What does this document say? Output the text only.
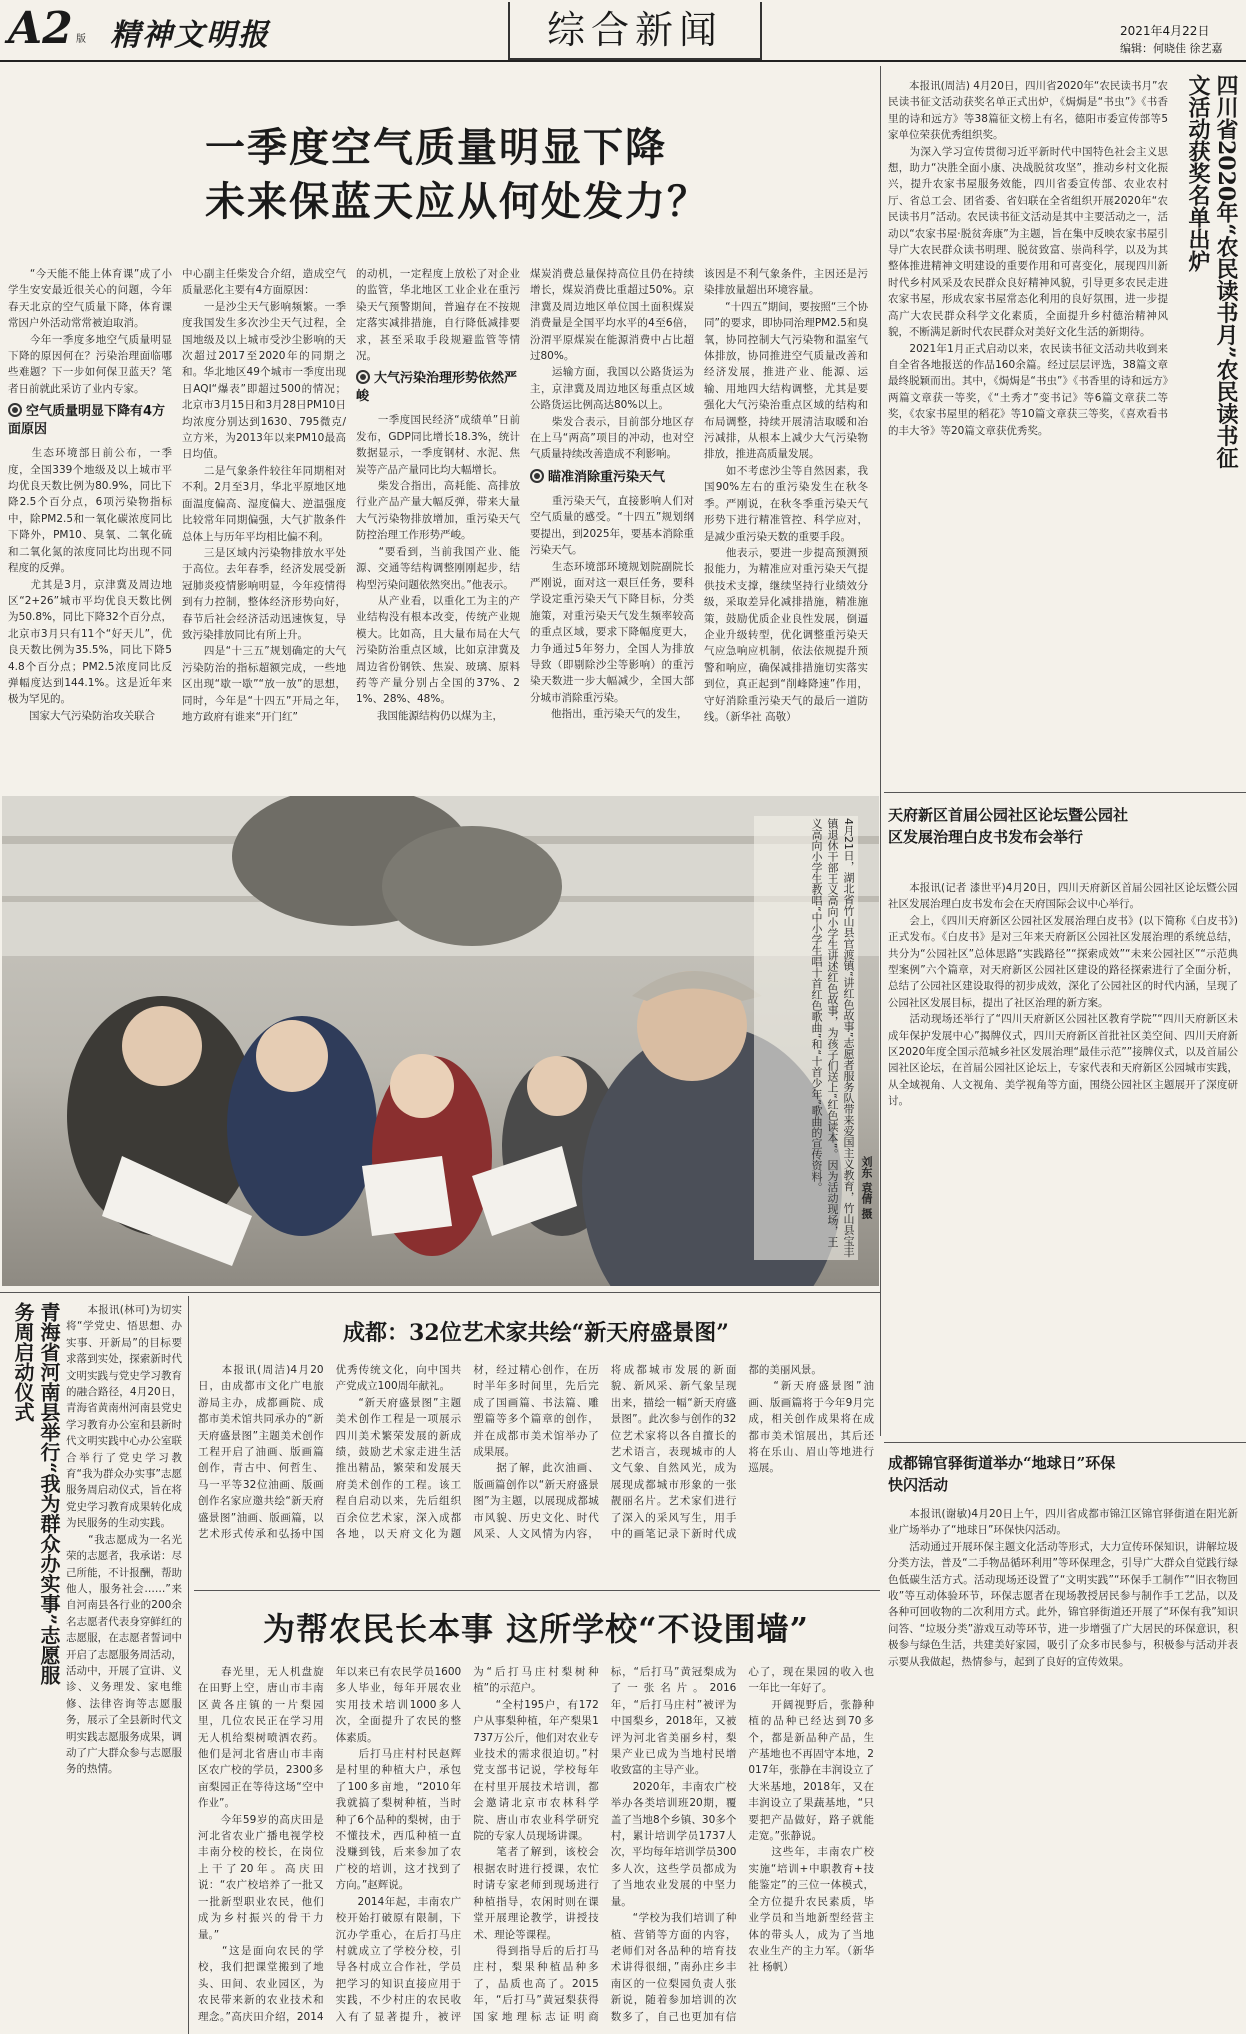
A2 版 精神文明报	综合新闻	2021年4月22日
编辑：何晓佳 徐艺嘉
一季度空气质量明显下降
未来保蓝天应从何处发力？
　　“今天能不能上体育课”成了小学生安安最近很关心的问题，今年春天北京的空气质量下降，体育课常因户外活动常常被迫取消。
　　今年一季度多地空气质量明显下降的原因何在？污染治理面临哪些难题？下一步如何保卫蓝天？笔者日前就此采访了业内专家。
空气质量明显下降有4方面原因
　　生态环境部日前公布，一季度，全国339个地级及以上城市平均优良天数比例为80.9%，同比下降2.5个百分点，6项污染物指标中，除PM2.5和一氧化碳浓度同比下降外，PM10、臭氧、二氧化硫和二氧化氮的浓度同比均出现不同程度的反弹。
　　尤其是3月，京津冀及周边地区“2+26”城市平均优良天数比例为50.8%，同比下降32个百分点，北京市3月只有11个“好天儿”，优良天数比例为35.5%，同比下降54.8个百分点；PM2.5浓度同比反弹幅度达到144.1%。这是近年来极为罕见的。
　　国家大气污染防治攻关联合
中心副主任柴发合介绍，造成空气质量恶化主要有4方面原因：
　　一是沙尘天气影响频繁。一季度我国发生多次沙尘天气过程，全国地级及以上城市受沙尘影响的天次超过2017至2020年的同期之和。华北地区49个城市一季度出现日AQI“爆表”即超过500的情况；北京市3月15日和3月28日PM10日均浓度分别达到1630、795微克/立方米，为2013年以来PM10最高日均值。
　　二是气象条件较往年同期相对不利。2月至3月，华北平原地区地面温度偏高、湿度偏大、逆温强度比较常年同期偏强，大气扩散条件总体上与历年平均相比偏不利。
　　三是区域内污染物排放水平处于高位。去年春季，经济发展受新冠肺炎疫情影响明显，今年疫情得到有力控制，整体经济形势向好，春节后社会经济活动迅速恢复，导致污染排放同比有所上升。
　　四是“十三五”规划确定的大气污染防治的指标超额完成，一些地区出现“歇一歇”“放一放”的思想，同时，今年是“十四五”开局之年，地方政府有谁来“开门红”
的动机，一定程度上放松了对企业的监管，华北地区工业企业在重污染天气预警期间，普遍存在不按规定落实减排措施，自行降低减排要求，甚至采取手段规避监管等情况。
大气污染治理形势依然严峻
　　一季度国民经济“成绩单”日前发布，GDP同比增长18.3%，统计数据显示，一季度钢材、水泥、焦炭等产品产量同比均大幅增长。
　　柴发合指出，高耗能、高排放行业产品产量大幅反弹，带来大量大气污染物排放增加，重污染天气防控治理工作形势严峻。
　　“要看到，当前我国产业、能源、交通等结构调整刚刚起步，结构型污染问题依然突出。”他表示。
　　从产业看，以重化工为主的产业结构没有根本改变，传统产业规模大。比如高，且大量布局在大气污染防治重点区域，比如京津冀及周边省份钢铁、焦炭、玻璃、原料药等产量分别占全国的37%、21%、28%、48%。
　　我国能源结构仍以煤为主，
煤炭消费总量保持高位且仍在持续增长，煤炭消费比重超过50%。京津冀及周边地区单位国土面积煤炭消费量是全国平均水平的4至6倍，汾渭平原煤炭在能源消费中占比超过80%。
　　运输方面，我国以公路货运为主，京津冀及周边地区每重点区域公路货运比例高达80%以上。
　　柴发合表示，目前部分地区存在上马“两高”项目的冲动，也对空气质量持续改善造成不利影响。
瞄准消除重污染天气
　　重污染天气，直接影响人们对空气质量的感受。“十四五”规划纲要提出，到2025年，要基本消除重污染天气。
　　生态环境部环境规划院副院长严刚说，面对这一艰巨任务，要科学设定重污染天气下降目标，分类施策，对重污染天气发生频率较高的重点区域，要求下降幅度更大，力争通过5年努力，全国人为排放导致（即剔除沙尘等影响）的重污染天数进一步大幅减少，全国大部分城市消除重污染。
　　他指出，重污染天气的发生，
该因是不利气象条件，主因还是污染排放量超出环境容量。
　　“十四五”期间，要按照“三个协同”的要求，即协同治理PM2.5和臭氧，协同控制大气污染物和温室气体排放，协同推进空气质量改善和经济发展，推进产业、能源、运输、用地四大结构调整，尤其是要强化大气污染治重点区域的结构和布局调整，持续开展清洁取暖和冶污减排，从根本上减少大气污染物排放，推进高质量发展。
　　如不考虑沙尘等自然因素，我国90%左右的重污染发生在秋冬季。严刚说，在秋冬季重污染天气形势下进行精准管控、科学应对，是减少重污染天数的重要手段。
　　他表示，要进一步提高预测预报能力，为精准应对重污染天气提供技术支撑，继续坚持行业绩效分级，采取差异化减排措施，精准施策，鼓励优质企业良性发展，倒逼企业升级转型，优化调整重污染天气应急响应机制，依法依规提升预警和响应，确保减排措施切实落实到位，真正起到“削峰降速”作用，守好消除重污染天气的最后一道防线。（新华社 高敬）
4月21日，湖北省竹山县官渡镇“讲红色故事”志愿者服务队带来爱国主义教育，竹山县宝丰镇退休干部王义高向小学生讲述红色故事，为孩子们送上“红色读本”。因为活动现场，王义高向小学生教唱“中小学生唱十首红色歌曲”和“十首少年”歌曲的宣传资料。	刘东 袁倩 摄
四川省2020年“农民读书月”农民读书征文活动获奖名单出炉
　　本报讯(周洁) 4月20日，四川省2020年“农民读书月”农民读书征文活动获奖名单正式出炉，《焗焗是“书虫”》《书香里的诗和远方》等38篇征文榜上有名，德阳市委宣传部等5家单位荣获优秀组织奖。
　　为深入学习宣传贯彻习近平新时代中国特色社会主义思想，助力“决胜全面小康、决战脱贫攻坚”，推动乡村文化振兴，提升农家书屋服务效能，四川省委宣传部、农业农村厅、省总工会、团省委、省妇联在全省组织开展2020年“农民读书月”活动。农民读书征文活动是其中主要活动之一，活动以“农家书屋·脱贫奔康”为主题，旨在集中反映农家书屋引导广大农民群众读书明理、脱贫致富、崇尚科学，以及为其整体推进精神文明建设的重要作用和可喜变化，展现四川新时代乡村风采及农民群众良好精神风貌，引导更多农民走进农家书屋，形成农家书屋常态化利用的良好氛围，进一步提高广大农民群众科学文化素质，全面提升乡村德治精神风貌，不断满足新时代农民群众对美好文化生活的新期待。
　　2021年1月正式启动以来，农民读书征文活动共收到来自全省各地报送的作品160余篇。经过层层评选，38篇文章最终脱颖而出。其中，《焗焗是“书虫”》《书香里的诗和远方》两篇文章获一等奖，《“土秀才”变书记》等6篇文章获二等奖，《农家书屋里的稻花》等10篇文章获三等奖，《喜欢看书的丰大爷》等20篇文章获优秀奖。
天府新区首届公园社区论坛暨公园社区发展治理白皮书发布会举行
　　本报讯(记者 漆世平)4月20日，四川天府新区首届公园社区论坛暨公园社区发展治理白皮书发布会在天府国际会议中心举行。
　　会上，《四川天府新区公园社区发展治理白皮书》(以下简称《白皮书》)正式发布。《白皮书》是对三年来天府新区公园社区发展治理的系统总结，共分为“公园社区”总体思路“实践路径”“探索成效”“未来公园社区”“示范典型案例”六个篇章，对天府新区公园社区建设的路径探索进行了全面分析，总结了公园社区建设取得的初步成效，深化了公园社区的时代内涵，呈现了公园社区发展目标，提出了社区治理的新方案。
　　活动现场还举行了“四川天府新区公园社区教育学院”“四川天府新区未成年保护发展中心”揭牌仪式，四川天府新区首批社区美空间、四川天府新区2020年度全国示范城乡社区发展治理“最佳示范””接牌仪式，以及首届公园社区论坛，在首届公园社区论坛上，专家代表和天府新区公园城市实践，从全域视角、人文视角、美学视角等方面，围绕公园社区主题展开了深度研讨。
成都锦官驿街道举办“地球日”环保快闪活动
　　本报讯(谢敏)4月20日上午，四川省成都市锦江区锦官驿街道在阳光新业广场举办了“地球日”环保快闪活动。
　　活动通过开展环保主题文化活动等形式，大力宣传环保知识，讲解垃圾分类方法，普及“二手物品循环利用”等环保理念，引导广大群众自觉践行绿色低碳生活方式。活动现场还设置了“文明实践”“环保手工制作”“旧衣物回收”等互动体验环节，环保志愿者在现场教授居民参与制作手工艺品，以及各种可回收物的二次利用方式。此外，锦官驿街道还开展了“环保有我”知识问答、“垃圾分类”游戏互动等环节，进一步增强了广大居民的环保意识，积极参与绿色生活，共建美好家园，吸引了众多市民参与，积极参与活动并表示要从我做起，热情参与，起到了良好的宣传效果。
青海省河南县举行“我为群众办实事”志愿服务周启动仪式	　　本报讯(林可)为切实将“学党史、悟思想、办实事、开新局”的目标要求落到实处，探索新时代文明实践与党史学习教育的融合路径，4月20日，青海省黄南州河南县党史学习教育办公室和县新时代文明实践中心办公室联合举行了党史学习教育“我为群众办实事”志愿服务周启动仪式，旨在将党史学习教育成果转化成为民服务的生动实践。
　　“我志愿成为一名光荣的志愿者，我承诺：尽己所能，不计报酬，帮助他人，服务社会……”来自河南县各行业的200余名志愿者代表身穿鲜红的志愿服，在志愿者誓词中开启了志愿服务周活动，活动中，开展了宣讲、义诊、义务理发、家电维修、法律咨询等志愿服务，展示了全县新时代文明实践志愿服务成果，调动了广大群众参与志愿服务的热情。
成都：32位艺术家共绘“新天府盛景图”
　　本报讯(周洁)4月20日，由成都市文化广电旅游局主办，成都画院、成都市美术馆共同承办的“新天府盛景图”主题美术创作工程开启了油画、版画篇创作，青古中、何哲生、马一平等32位油画、版画创作名家应邀共绘“新天府盛景图”油画、版画篇，以艺术形式传承和弘扬中国优秀传统文化，向中国共产党成立100周年献礼。
　　“新天府盛景图”主题美术创作工程是一项展示四川美术繁荣发展的新成绩，鼓励艺术家走进生活推出精品，繁荣和发展天府美术创作的工程。该工程自启动以来，先后组织百余位艺术家，深入成都各地，以天府文化为题材，经过精心创作，在历时半年多时间里，先后完成了国画篇、书法篇、雕塑篇等多个篇章的创作，并在成都市美术馆举办了成果展。
　　据了解，此次油画、版画篇创作以“新天府盛景图”为主题，以展现成都城市风貌、历史文化、时代风采、人文风情为内容，将成都城市发展的新面貌、新风采、新气象呈现出来，描绘一幅“新天府盛景图”。此次参与创作的32位艺术家将以各自擅长的艺术语言，表现城市的人文气象、自然风光，成为展现成都城市形象的一张靓丽名片。艺术家们进行了深入的采风写生，用手中的画笔记录下新时代成都的美丽风景。
　　“新天府盛景图”油画、版画篇将于今年9月完成，相关创作成果将在成都市美术馆展出，其后还将在乐山、眉山等地进行巡展。
为帮农民长本事 这所学校“不设围墙”
　　春光里，无人机盘旋在田野上空，唐山市丰南区黄各庄镇的一片梨园里，几位农民正在学习用无人机给梨树喷洒农药。他们是河北省唐山市丰南区农广校的学员，2300多亩梨园正在等待这场“空中作业”。
　　今年59岁的高庆田是河北省农业广播电视学校丰南分校的校长，在岗位上干了20年。高庆田说：“农广校培养了一批又一批新型职业农民，他们成为乡村振兴的骨干力量。”
　　“这是面向农民的学校，我们把课堂搬到了地头、田间、农业园区，为农民带来新的农业技术和理念。”高庆田介绍，2014年以来已有农民学员1600多人毕业，每年开展农业实用技术培训1000多人次，全面提升了农民的整体素质。
　　后打马庄村村民赵辉是村里的种植大户，承包了100多亩地，“2010年我就搞了梨树种植，当时种了6个品种的梨树，由于不懂技术，西瓜种植一直没赚到钱，后来参加了农广校的培训，这才找到了方向。”赵辉说。
　　2014年起，丰南农广校开始打破原有限制，下沉办学重心，在后打马庄村就成立了学校分校，引导各村成立合作社，学员把学习的知识直接应用于实践，不少村庄的农民收入有了显著提升，被评为“后打马庄村梨树种植”的示范户。
　　“全村195户，有172户从事梨种植，年产梨果1737万公斤，他们对农业专业技术的需求很迫切。”村党支部书记说，学校每年在村里开展技术培训，都会邀请北京市农林科学院、唐山市农业科学研究院的专家人员现场讲课。
　　笔者了解到，该校会根据农时进行授课，农忙时请专家老师到现场进行种植指导，农闲时则在课堂开展理论教学，讲授技术、理论等课程。
　　得到指导后的后打马庄村，梨果种植品种多了，品质也高了。2015年，“后打马”黄冠梨获得国家地理标志证明商标，“后打马”黄冠梨成为了一张名片。2016年，“后打马庄村”被评为中国梨乡，2018年，又被评为河北省美丽乡村，梨果产业已成为当地村民增收致富的主导产业。
　　2020年，丰南农广校举办各类培训班20期，覆盖了当地8个乡镇、30多个村，累计培训学员1737人次，平均每年培训学员300多人次，这些学员都成为了当地农业发展的中坚力量。
　　“学校为我们培训了种植、营销等方面的内容，老师们对各品种的培育技术讲得很细，”南孙庄乡丰南区的一位梨园负责人张新说，随着参加培训的次数多了，自己也更加有信心了，现在果园的收入也一年比一年好了。
　　开阔视野后，张静种植的品种已经达到70多个，都是新品种产品，生产基地也不再固守本地，2017年，张静在丰润设立了大米基地，2018年，又在丰润设立了果蔬基地，“只要把产品做好，路子就能走宽。”张静说。
　　这些年，丰南农广校实施“培训+中职教育+技能鉴定”的三位一体模式，全方位提升农民素质，毕业学员和当地新型经营主体的带头人，成为了当地农业生产的主力军。（新华社 杨帆）
